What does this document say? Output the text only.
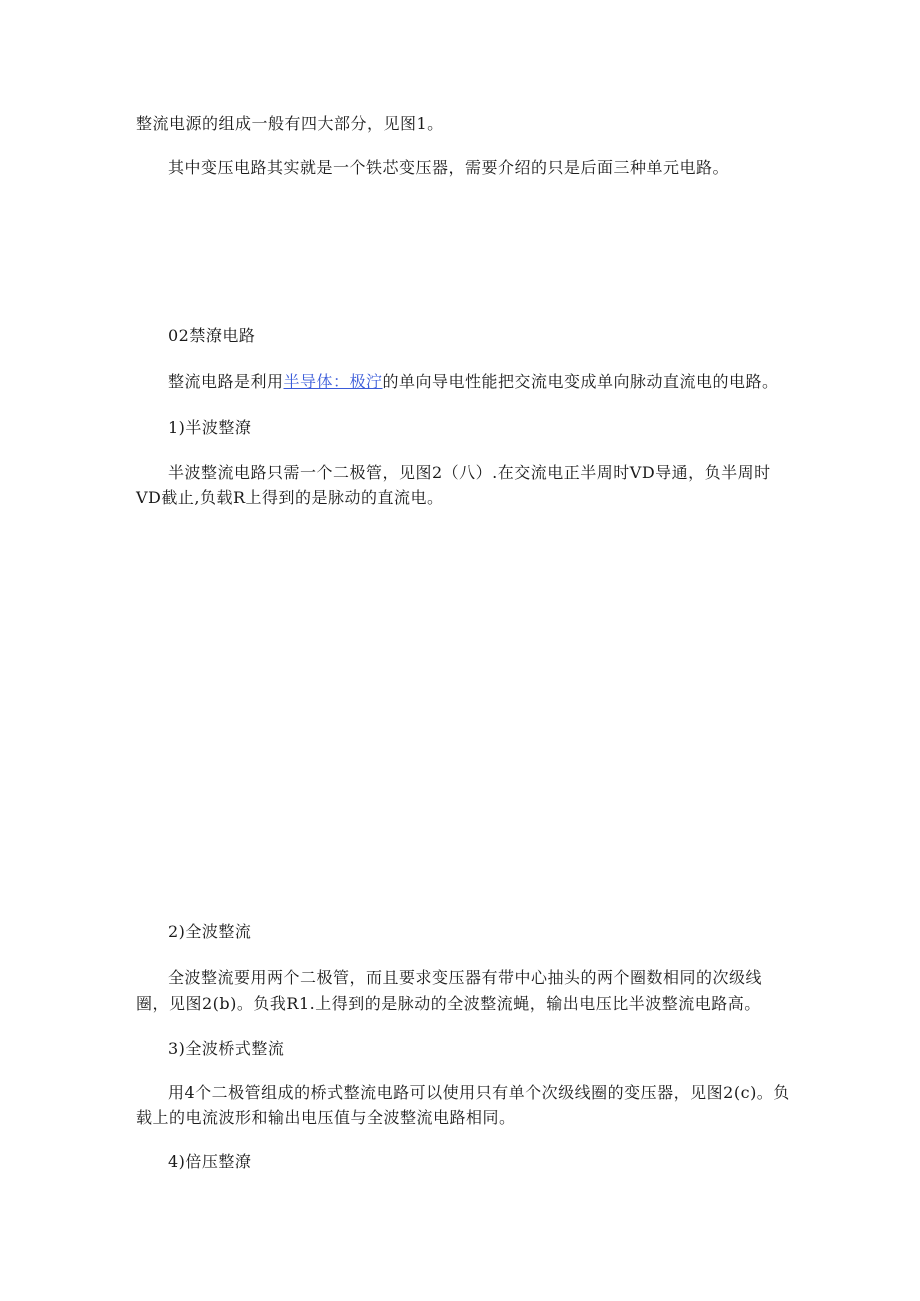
整流电源的组成一般有四大部分，见图1。
其中变压电路其实就是一个铁芯变压器，需要介绍的只是后面三种单元电路。
02禁潦电路
整流电路是利用半导体：极泞的单向导电性能把交流电变成单向脉动直流电的电路。
1)半波整潦
半波整流电路只需一个二极管，见图2（八）.在交流电正半周时VD导通，负半周时
VD截止,负载R上得到的是脉动的直流电。
2)全波整流
全波整流要用两个二极管，而且要求变压器有带中心抽头的两个圈数相同的次级线
圈，见图2(b)。负我R1.上得到的是脉动的全波整流蝇，输出电压比半波整流电路高。
3)全波桥式整流
用4个二极管组成的桥式整流电路可以使用只有单个次级线圈的变压器，见图2(c)。负
载上的电流波形和输出电压值与全波整流电路相同。
4)倍压整潦
